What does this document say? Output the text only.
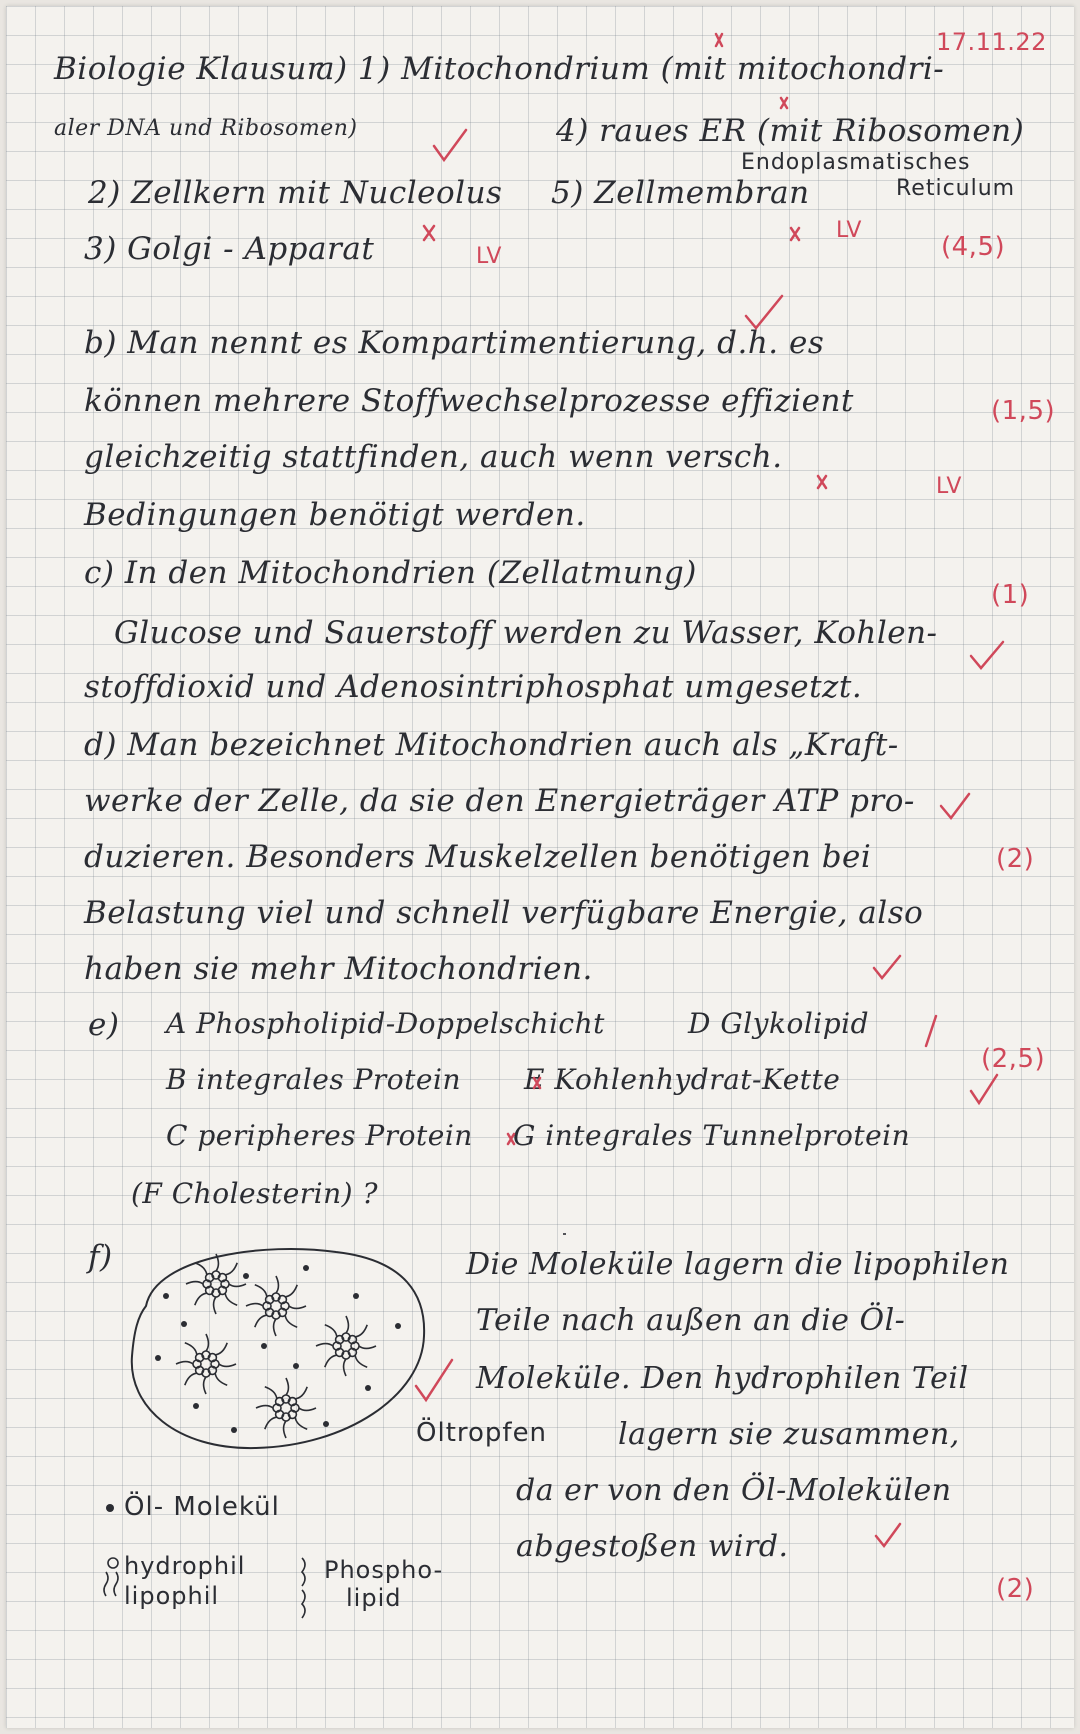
17.11.22
Biologie Klausur
a) 1) Mitochondrium (mit mitochondri-
aler DNA und Ribosomen)	4) raues ER (mit Ribosomen)
Endoplasmatisches
2) Zellkern mit Nucleolus 5) Zellmembran	Reticulum
3) Golgi - Apparat	(4,5)
LV
LV
b) Man nennt es Kompartimentierung, d.h. es
können mehrere Stoffwechselprozesse effizient	(1,5)
gleichzeitig stattfinden, auch wenn versch.
LV
Bedingungen benötigt werden.
c) In den Mitochondrien (Zellatmung)
(1)
Glucose und Sauerstoff werden zu Wasser, Kohlen-
stoffdioxid und Adenosintriphosphat umgesetzt.
d) Man bezeichnet Mitochondrien auch als „Kraft-
werke der Zelle, da sie den Energieträger ATP pro-
duzieren. Besonders Muskelzellen benötigen bei	(2)
Belastung viel und schnell verfügbare Energie, also
haben sie mehr Mitochondrien.
e) A Phospholipid-Doppelschicht	D Glykolipid
B integrales Protein E Kohlenhydrat-Kette
(2,5)
C peripheres Protein G integrales Tunnelprotein
(F Cholesterin) ?
f)	Die Moleküle lagern die lipophilen
Teile nach außen an die Öl-
Moleküle. Den hydrophilen Teil
Öltropfen lagern sie zusammen,
da er von den Öl-Molekülen
abgestoßen wird.
(2)
Öl- Molekül
hydrophil
lipophil
Phospho-
lipid
